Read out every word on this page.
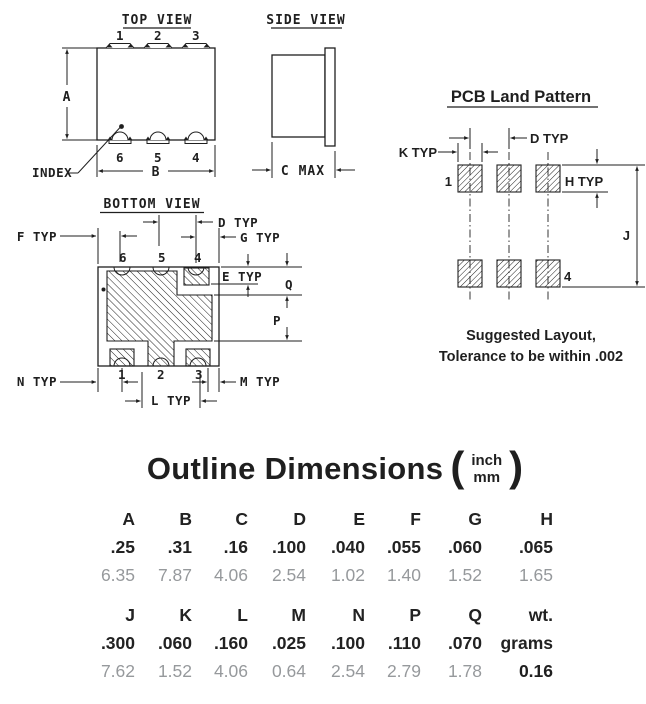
TOP VIEW
1 2 3
6 5 4
A
B
INDEX
SIDE VIEW
C MAX
BOTTOM VIEW
6 5 4
1 2 3
D TYP
G TYP
F TYP
E TYP
Q
P
N TYP	M TYP
L TYP
PCB Land Pattern
1
4
D TYP
K TYP
H TYP
J
Suggested Layout,
Tolerance to be within .002
Outline Dimensions ( inch
mm )
A	B	C	D	E	F	G	H
.25	.31	.16	.100	.040	.055	.060	.065
6.35	7.87	4.06	2.54	1.02	1.40	1.52	1.65
J	K	L	M	N	P	Q	wt.
.300	.060	.160	.025	.100	.110	.070	grams
7.62	1.52	4.06	0.64	2.54	2.79	1.78	0.16
